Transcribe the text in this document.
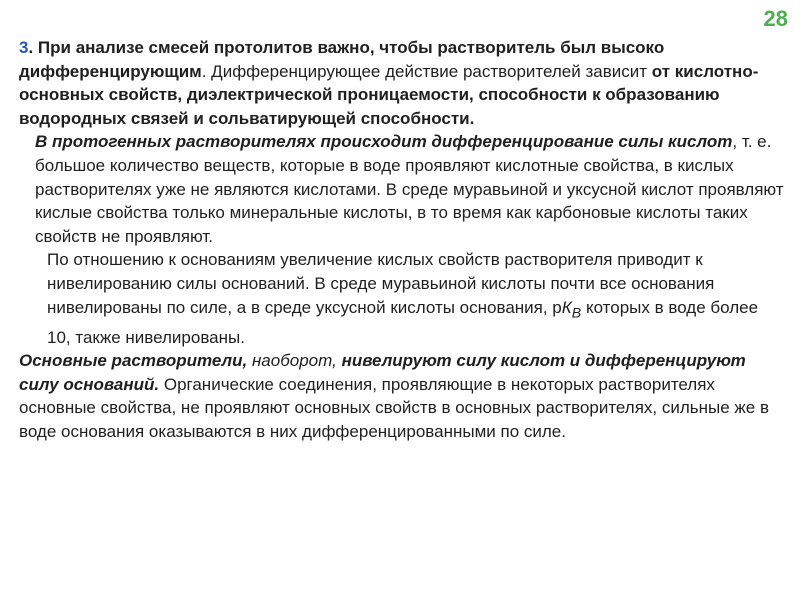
28

3. При анализе смесей протолитов важно, чтобы растворитель был высоко дифференцирующим. Дифференцирующее действие растворителей зависит от кислотно-основных свойств, диэлектрической проницаемости, способности к образованию водородных связей и сольватирующей способности.

В протогенных растворителях происходит дифференцирование силы кислот, т. е. большое количество веществ, которые в воде проявляют кислотные свойства, в кислых растворителях уже не являются кислотами. В среде муравьиной и уксусной кислот проявляют кислые свойства только минеральные кислоты, в то время как карбоновые кислоты таких свойств не проявляют.

По отношению к основаниям увеличение кислых свойств растворителя приводит к нивелированию силы оснований. В среде муравьиной кислоты почти все основания нивелированы по силе, а в среде уксусной кислоты основания, $рК_B$ которых в воде более 10, также нивелированы.

Основные растворители, наоборот, нивелируют силу кислот и дифференцируют силу оснований. Органические соединения, проявляющие в некоторых растворителях основные свойства, не проявляют основных свойств в основных растворителях, сильные же в воде основания оказываются в них дифференцированными по силе.
